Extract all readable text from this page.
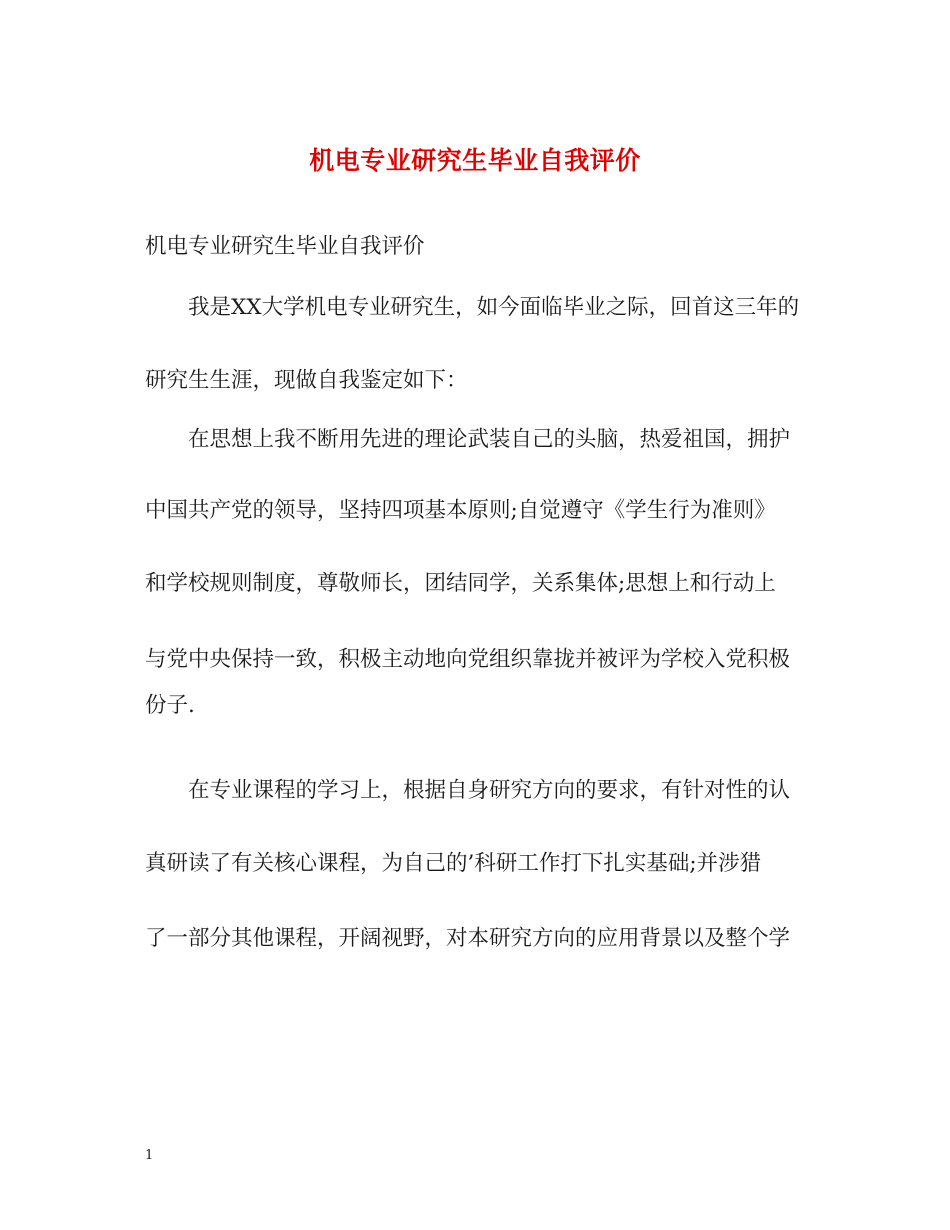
机电专业研究生毕业自我评价
机电专业研究生毕业自我评价
我是XX大学机电专业研究生，如今面临毕业之际，回首这三年的
研究生生涯，现做自我鉴定如下：
在思想上我不断用先进的理论武装自己的头脑，热爱祖国，拥护
中国共产党的领导，坚持四项基本原则;自觉遵守《学生行为准则》
和学校规则制度，尊敬师长，团结同学，关系集体;思想上和行动上
与党中央保持一致，积极主动地向党组织靠拢并被评为学校入党积极
份子.
在专业课程的学习上，根据自身研究方向的要求，有针对性的认
真研读了有关核心课程，为自己的’科研工作打下扎实基础;并涉猎
了一部分其他课程，开阔视野，对本研究方向的应用背景以及整个学
1
